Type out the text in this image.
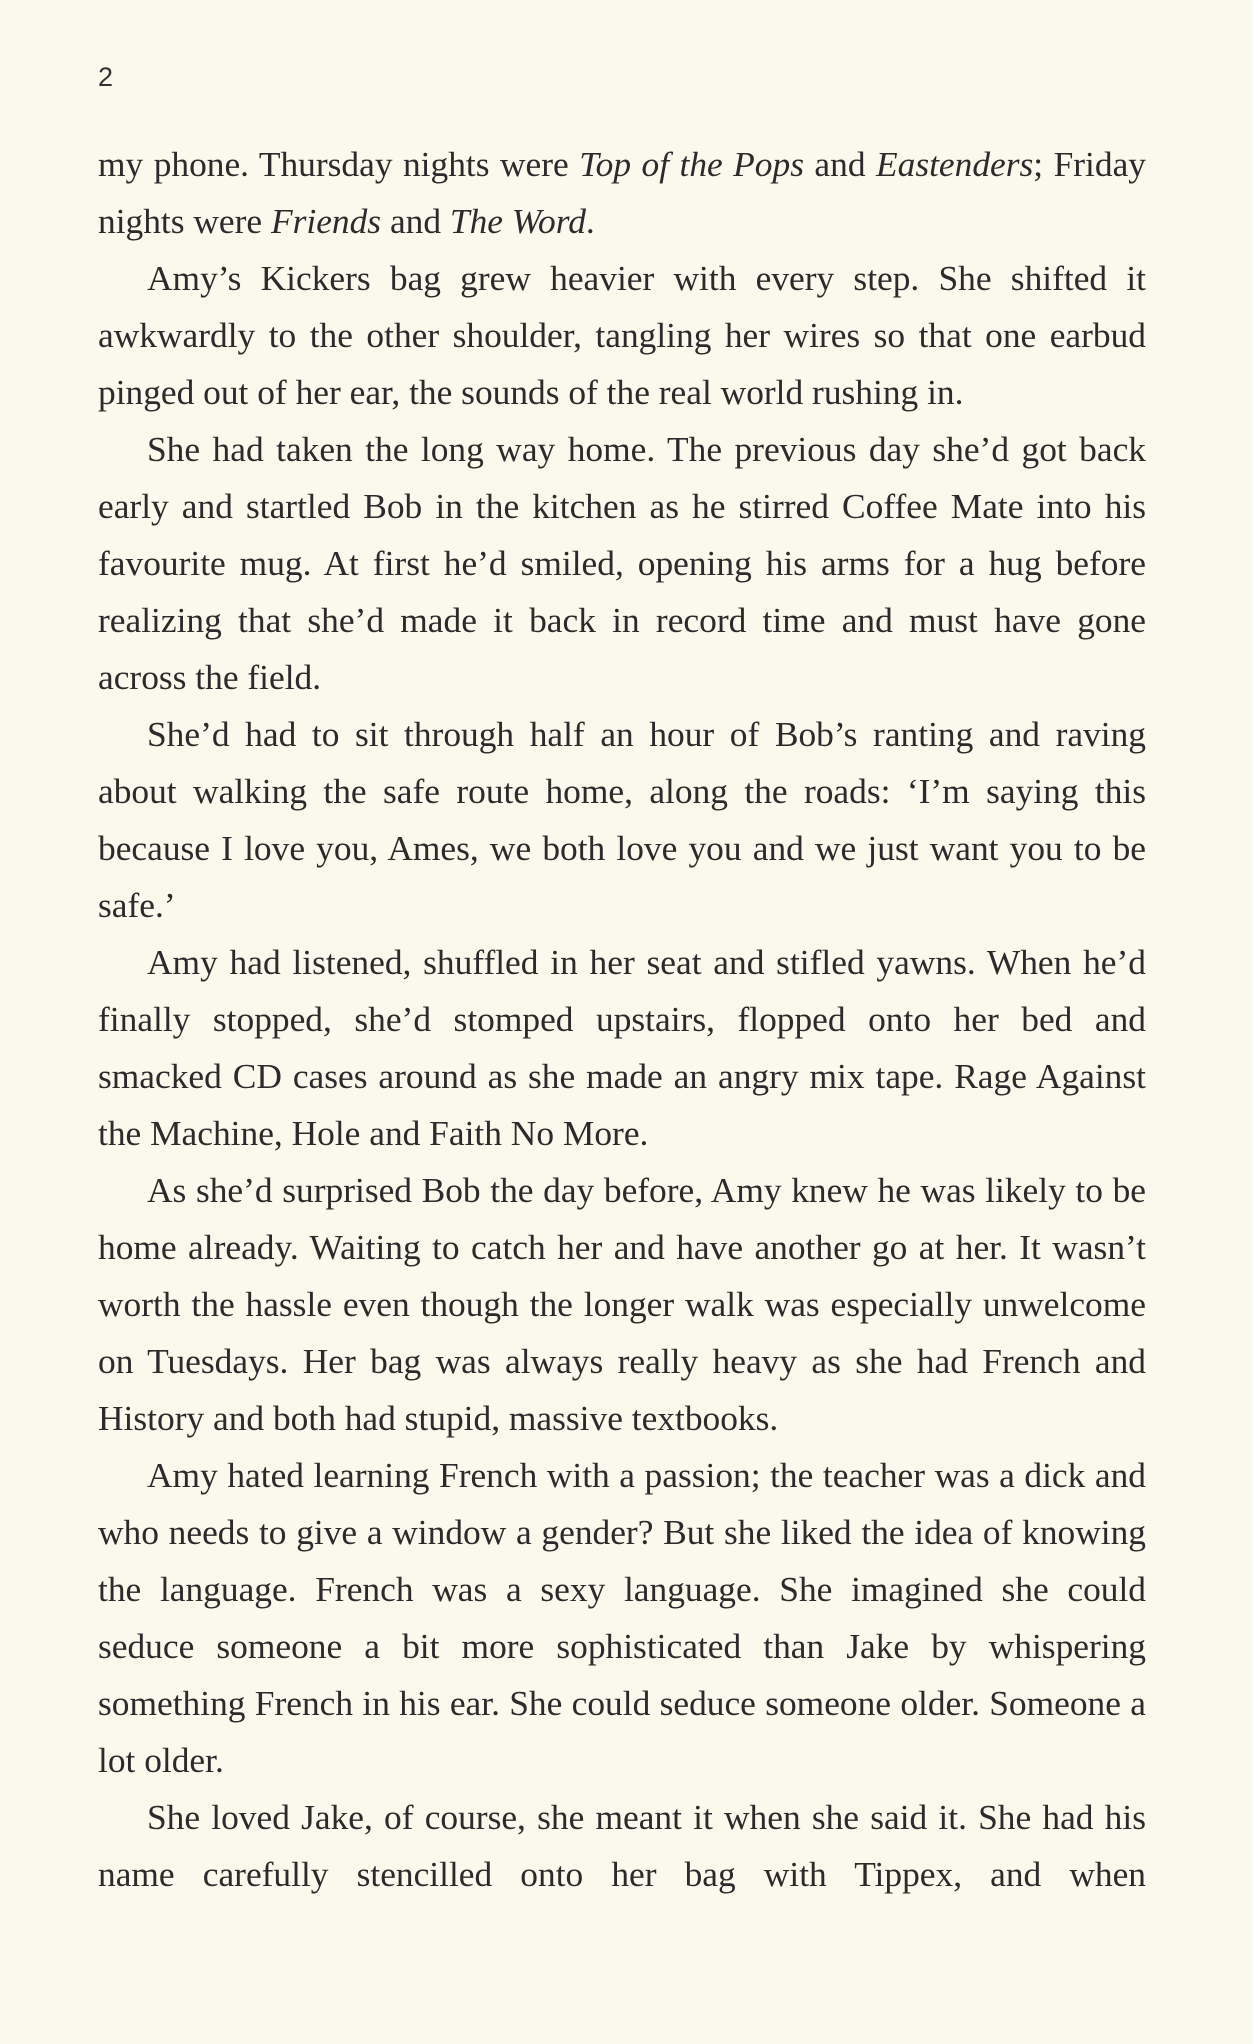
2

my phone. Thursday nights were Top of the Pops and Eastenders; Friday nights were Friends and The Word.

Amy’s Kickers bag grew heavier with every step. She shifted it awkwardly to the other shoulder, tangling her wires so that one earbud pinged out of her ear, the sounds of the real world rushing in.

She had taken the long way home. The previous day she’d got back early and startled Bob in the kitchen as he stirred Coffee Mate into his favourite mug. At first he’d smiled, opening his arms for a hug before realizing that she’d made it back in record time and must have gone across the field.

She’d had to sit through half an hour of Bob’s ranting and raving about walking the safe route home, along the roads: ‘I’m saying this because I love you, Ames, we both love you and we just want you to be safe.’

Amy had listened, shuffled in her seat and stifled yawns. When he’d finally stopped, she’d stomped upstairs, flopped onto her bed and smacked CD cases around as she made an angry mix tape. Rage Against the Machine, Hole and Faith No More.

As she’d surprised Bob the day before, Amy knew he was likely to be home already. Waiting to catch her and have another go at her. It wasn’t worth the hassle even though the longer walk was especially unwelcome on Tuesdays. Her bag was always really heavy as she had French and History and both had stupid, massive textbooks.

Amy hated learning French with a passion; the teacher was a dick and who needs to give a window a gender? But she liked the idea of knowing the language. French was a sexy language. She imagined she could seduce someone a bit more sophisticated than Jake by whispering something French in his ear. She could seduce someone older. Someone a lot older.

She loved Jake, of course, she meant it when she said it. She had his name carefully stencilled onto her bag with Tippex, and when
